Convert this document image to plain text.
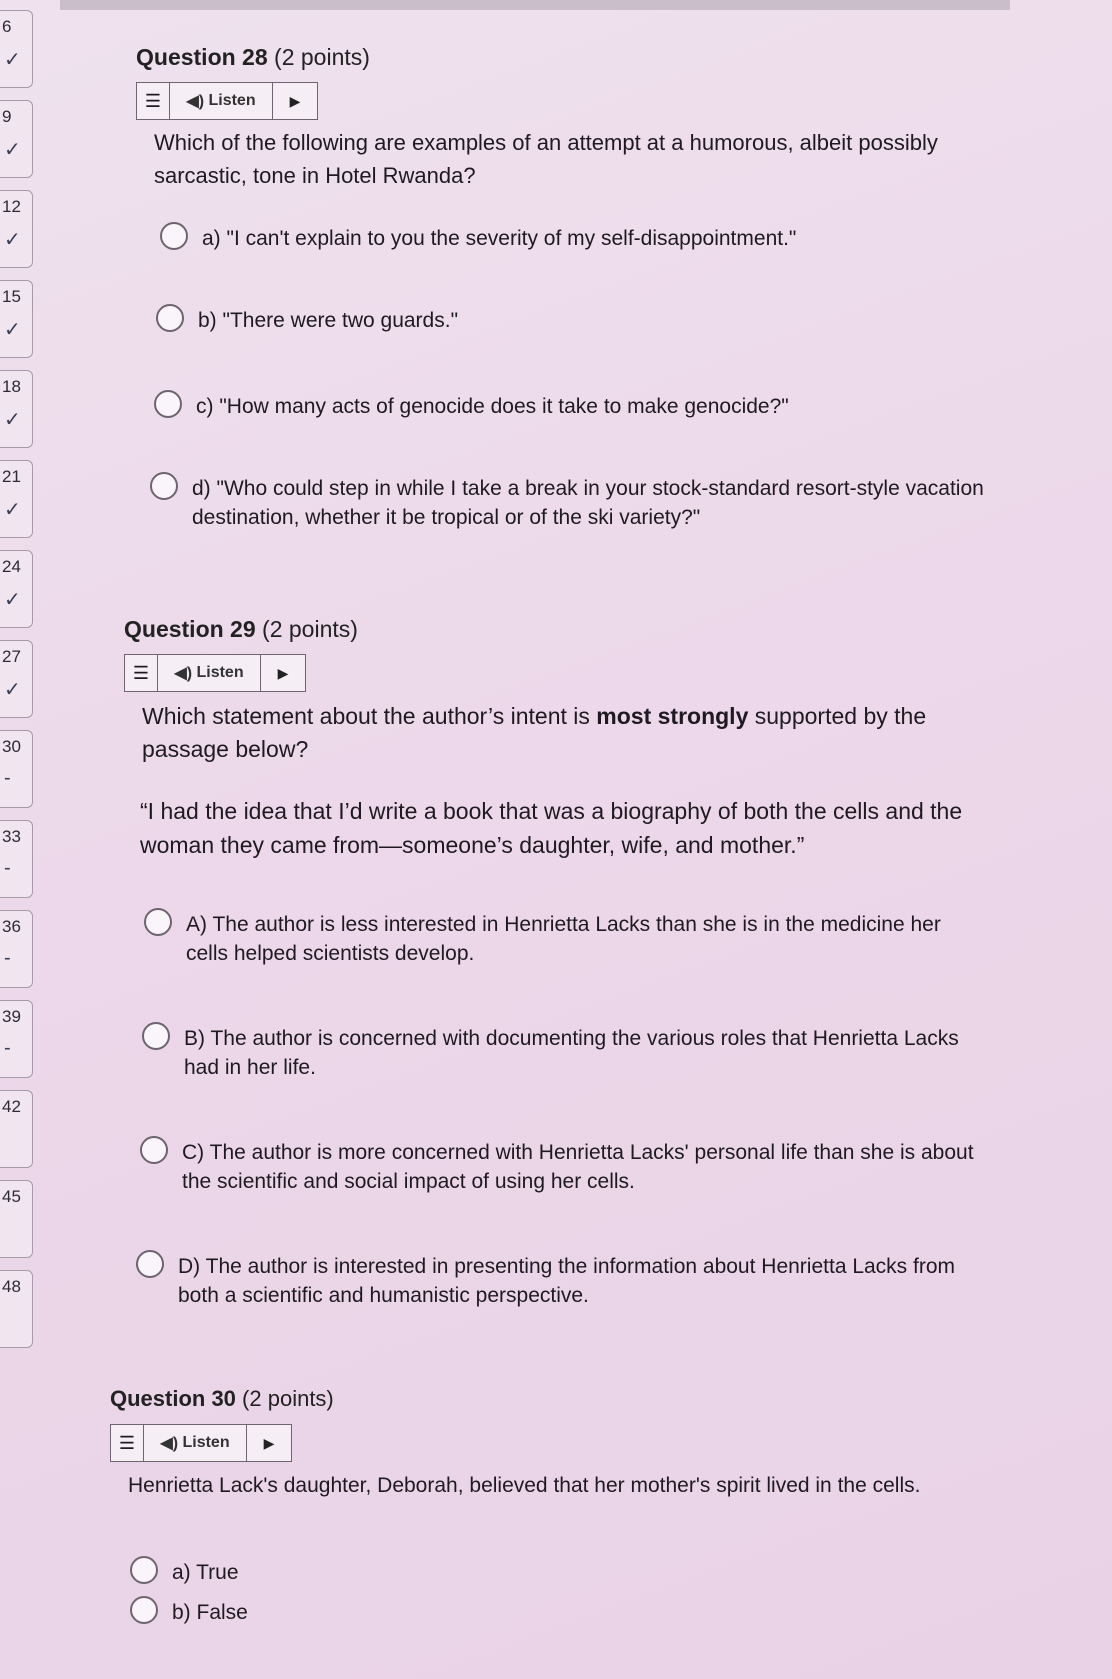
6
✓
9
✓
12
✓
15
✓
18
✓
21
✓
24
✓
27
✓
30
-
33
-
36
-
39
-
42
45
48
Question 28 (2 points)
☰	◀) Listen	▶
Which of the following are examples of an attempt at a humorous, albeit possibly sarcastic, tone in Hotel Rwanda?
a) "I can't explain to you the severity of my self-disappointment."
b) "There were two guards."
c) "How many acts of genocide does it take to make genocide?"
d) "Who could step in while I take a break in your stock-standard resort-style vacation destination, whether it be tropical or of the ski variety?"
Question 29 (2 points)
☰	◀) Listen	▶
Which statement about the author’s intent is most strongly supported by the passage below?
“I had the idea that I’d write a book that was a biography of both the cells and the woman they came from—someone’s daughter, wife, and mother.”
A) The author is less interested in Henrietta Lacks than she is in the medicine her cells helped scientists develop.
B) The author is concerned with documenting the various roles that Henrietta Lacks had in her life.
C) The author is more concerned with Henrietta Lacks' personal life than she is about the scientific and social impact of using her cells.
D) The author is interested in presenting the information about Henrietta Lacks from both a scientific and humanistic perspective.
Question 30 (2 points)
☰	◀) Listen	▶
Henrietta Lack's daughter, Deborah, believed that her mother's spirit lived in the cells.
a) True
b) False
